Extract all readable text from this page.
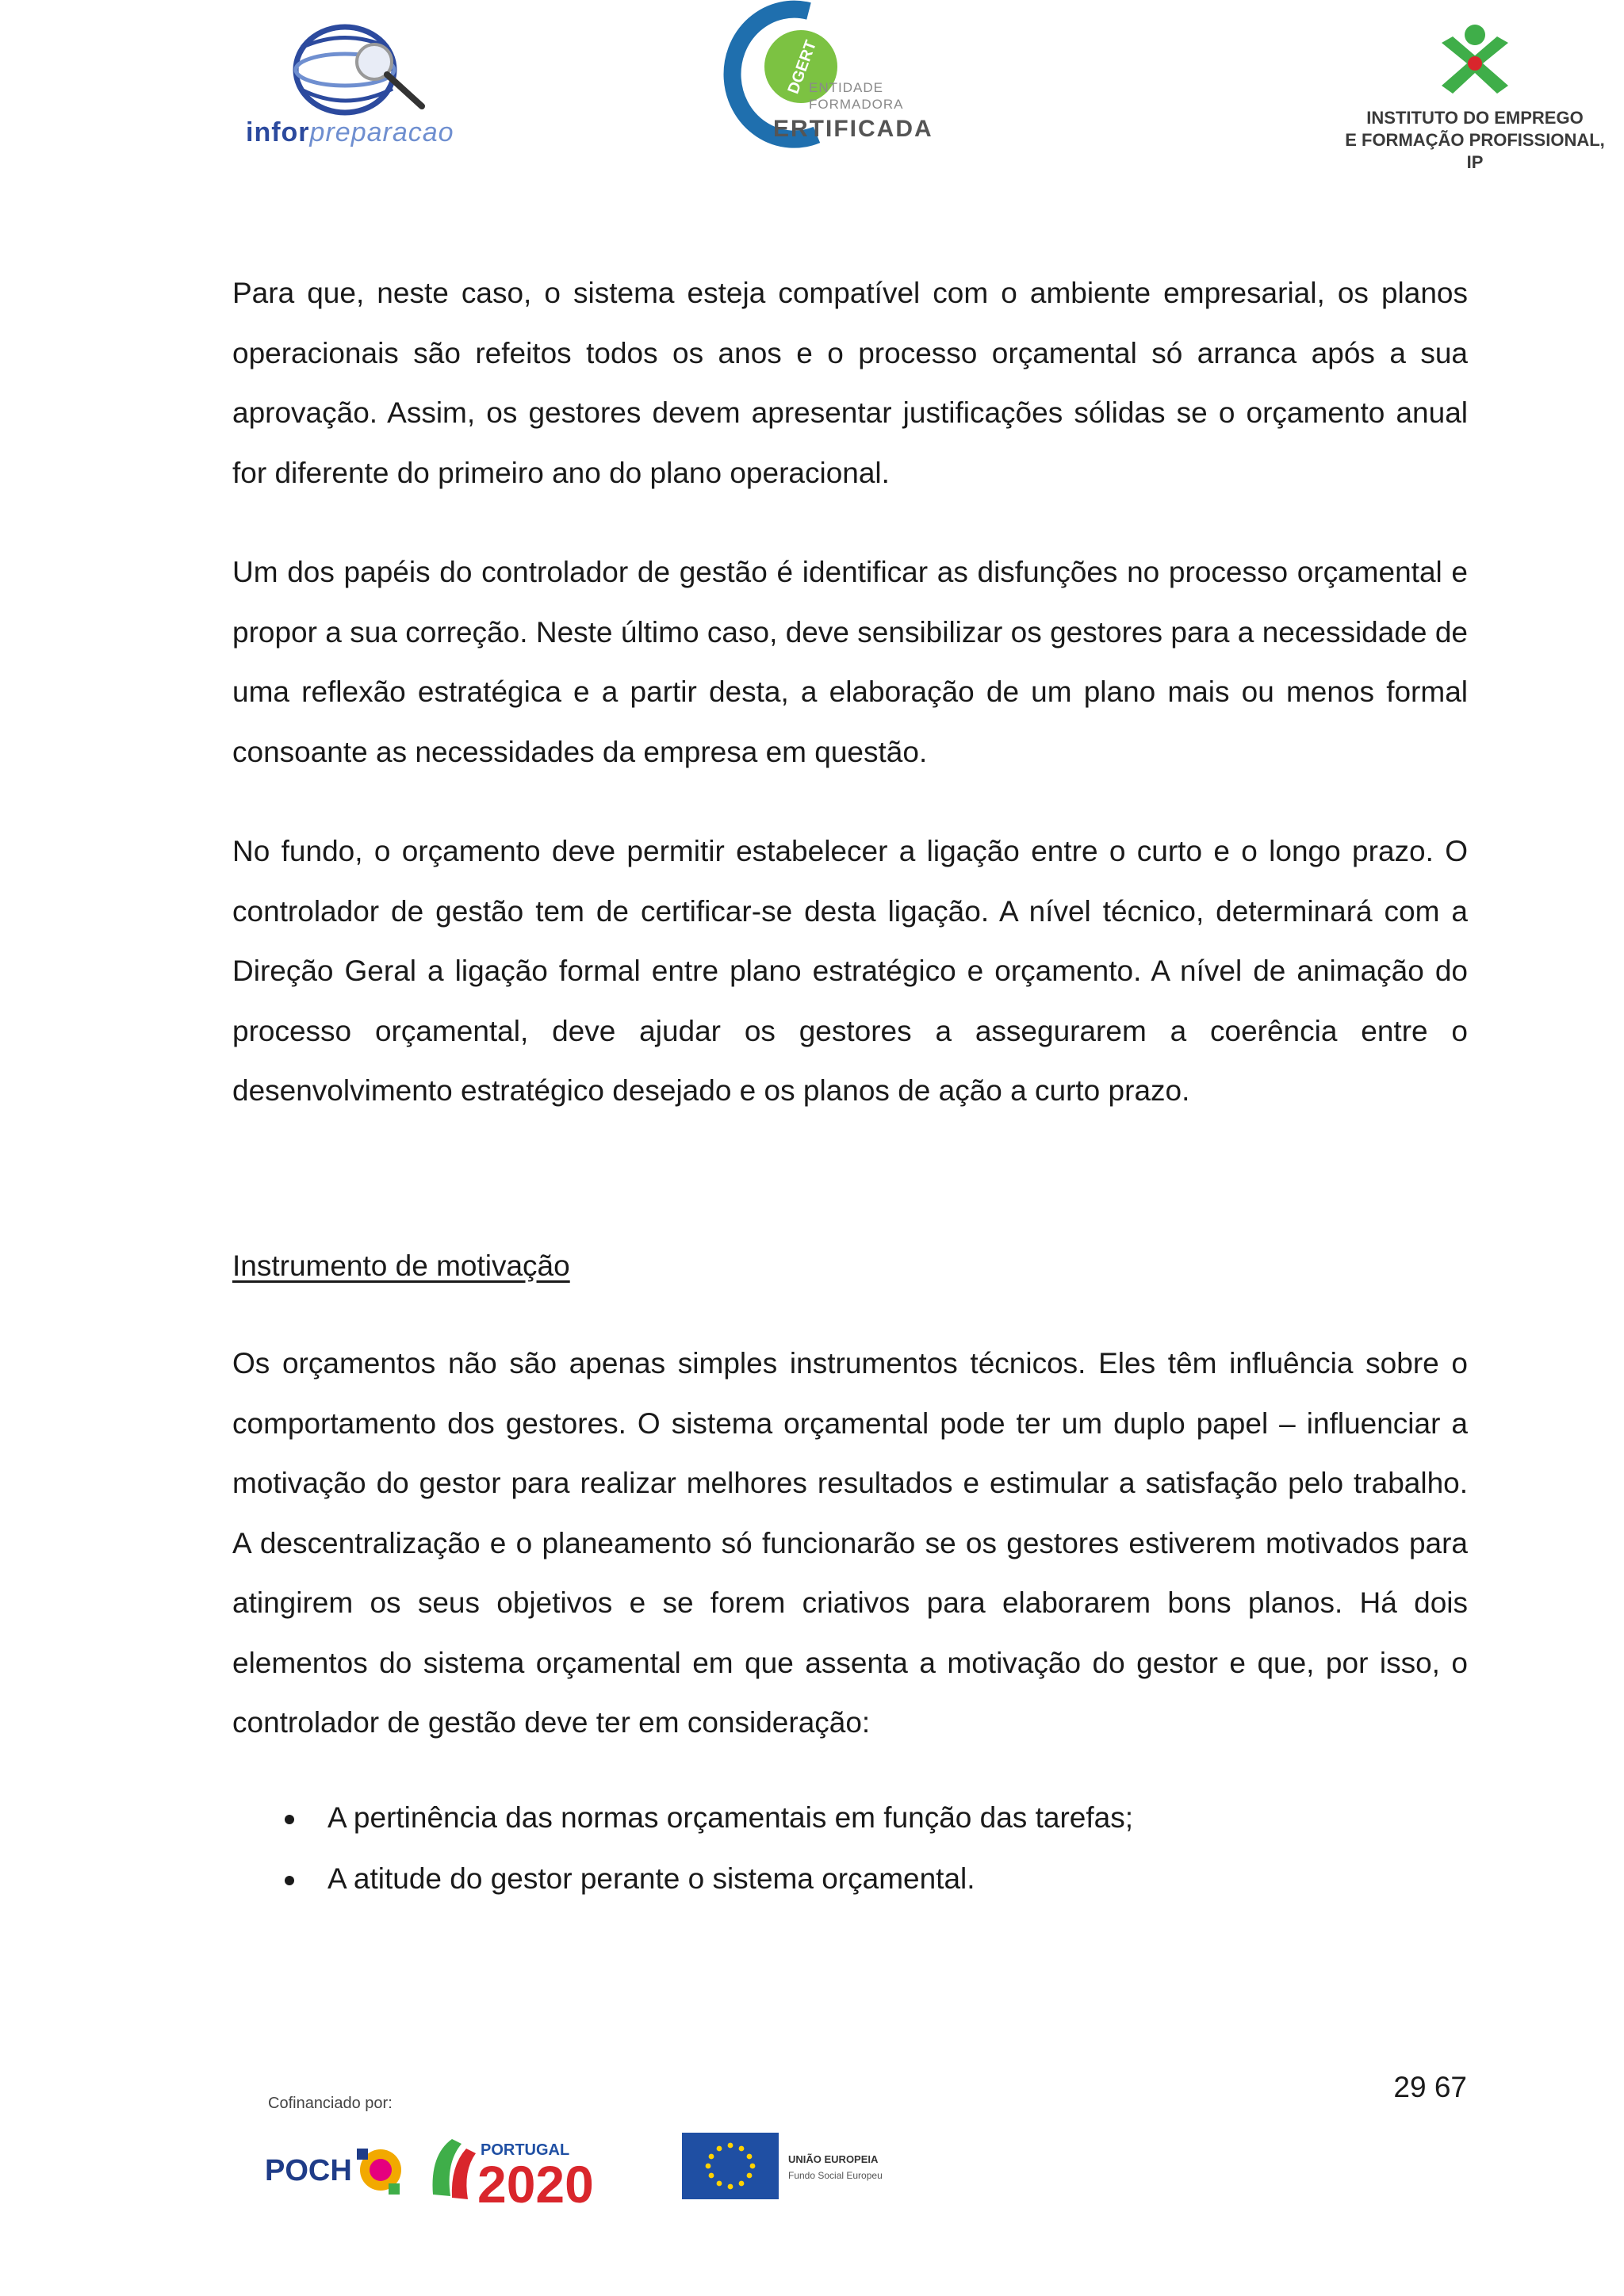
inforpreparacao
DGERT
ENTIDADE
FORMADORA
ERTIFICADA	INSTITUTO DO EMPREGO
E FORMAÇÃO PROFISSIONAL, IP

Para que, neste caso, o sistema esteja compatível com o ambiente empresarial, os planos operacionais são refeitos todos os anos e o processo orçamental só arranca após a sua aprovação. Assim, os gestores devem apresentar justificações sólidas se o orçamento anual for diferente do primeiro ano do plano operacional.

Um dos papéis do controlador de gestão é identificar as disfunções no processo orçamental e propor a sua correção. Neste último caso, deve sensibilizar os gestores para a necessidade de uma reflexão estratégica e a partir desta, a elaboração de um plano mais ou menos formal consoante as necessidades da empresa em questão.

No fundo, o orçamento deve permitir estabelecer a ligação entre o curto e o longo prazo. O controlador de gestão tem de certificar-se desta ligação. A nível técnico, determinará com a Direção Geral a ligação formal entre plano estratégico e orçamento. A nível de animação do processo orçamental, deve ajudar os gestores a assegurarem a coerência entre o desenvolvimento estratégico desejado e os planos de ação a curto prazo.

Instrumento de motivação

Os orçamentos não são apenas simples instrumentos técnicos. Eles têm influência sobre o comportamento dos gestores. O sistema orçamental pode ter um duplo papel – influenciar a motivação do gestor para realizar melhores resultados e estimular a satisfação pelo trabalho. A descentralização e o planeamento só funcionarão se os gestores estiverem motivados para atingirem os seus objetivos e se forem criativos para elaborarem bons planos. Há dois elementos do sistema orçamental em que assenta a motivação do gestor e que, por isso, o controlador de gestão deve ter em consideração:

A pertinência das normas orçamentais em função das tarefas;
A atitude do gestor perante o sistema orçamental.
29 67
Cofinanciado por:
POCH
PORTUGAL
2020	UNIÃO EUROPEIA
Fundo Social Europeu
